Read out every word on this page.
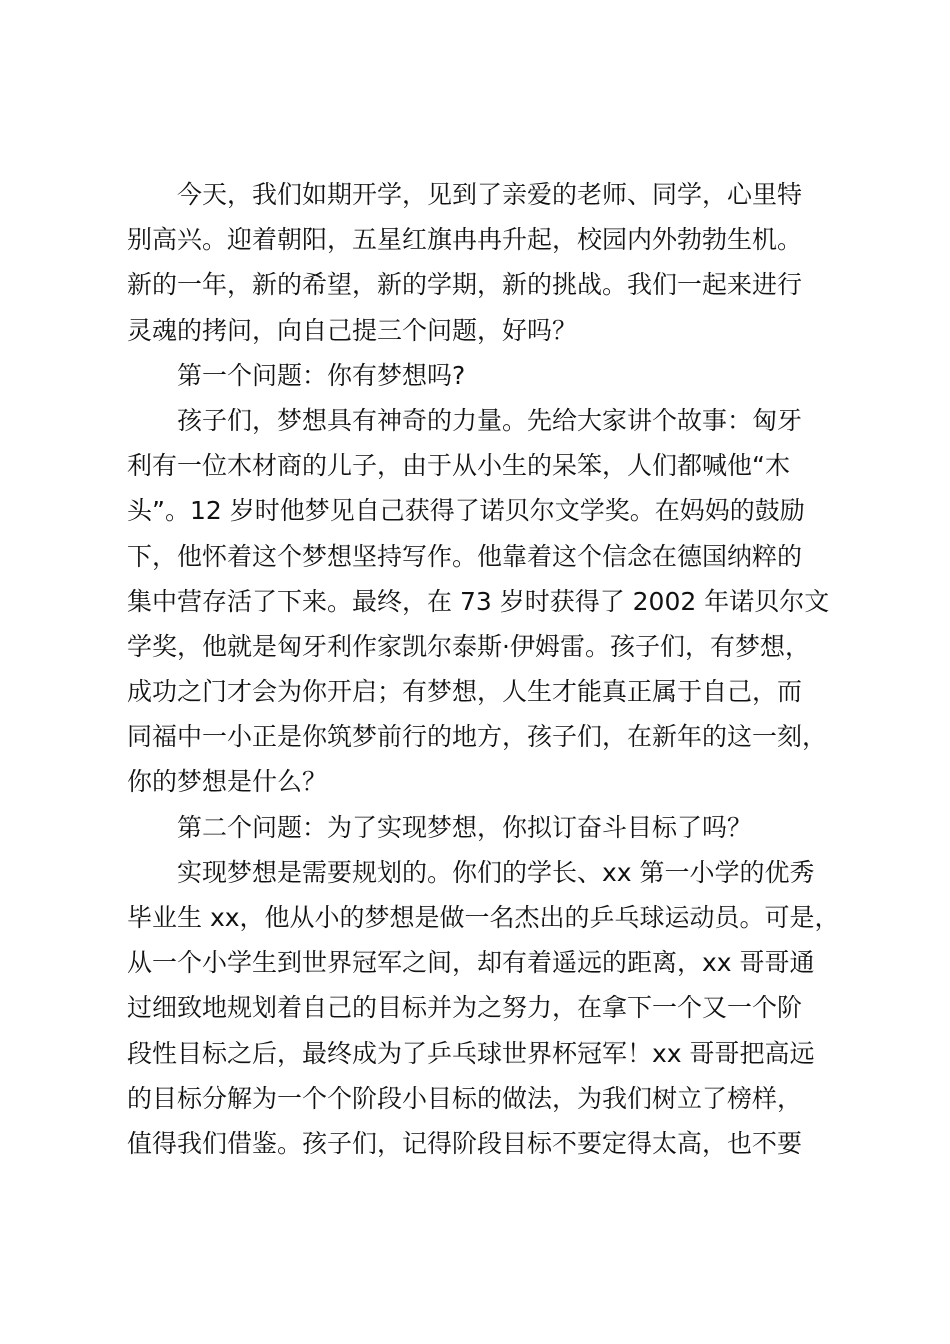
今天，我们如期开学，见到了亲爱的老师、同学，心里特
别高兴。迎着朝阳，五星红旗冉冉升起，校园内外勃勃生机。
新的一年，新的希望，新的学期，新的挑战。我们一起来进行
灵魂的拷问，向自己提三个问题，好吗？
第一个问题：你有梦想吗?
孩子们，梦想具有神奇的力量。先给大家讲个故事：匈牙
利有一位木材商的儿子，由于从小生的呆笨，人们都喊他“木
头”。12 岁时他梦见自己获得了诺贝尔文学奖。在妈妈的鼓励
下，他怀着这个梦想坚持写作。他靠着这个信念在德国纳粹的
集中营存活了下来。最终，在 73 岁时获得了 2002 年诺贝尔文
学奖，他就是匈牙利作家凯尔泰斯·伊姆雷。孩子们，有梦想，
成功之门才会为你开启；有梦想，人生才能真正属于自己，而
同福中一小正是你筑梦前行的地方，孩子们，在新年的这一刻，
你的梦想是什么？
第二个问题：为了实现梦想，你拟订奋斗目标了吗？
实现梦想是需要规划的。你们的学长、xx 第一小学的优秀
毕业生 xx，他从小的梦想是做一名杰出的乒乓球运动员。可是，
从一个小学生到世界冠军之间，却有着遥远的距离，xx 哥哥通
过细致地规划着自己的目标并为之努力，在拿下一个又一个阶
段性目标之后，最终成为了乒乓球世界杯冠军！xx 哥哥把高远
的目标分解为一个个阶段小目标的做法，为我们树立了榜样，
值得我们借鉴。孩子们，记得阶段目标不要定得太高，也不要
